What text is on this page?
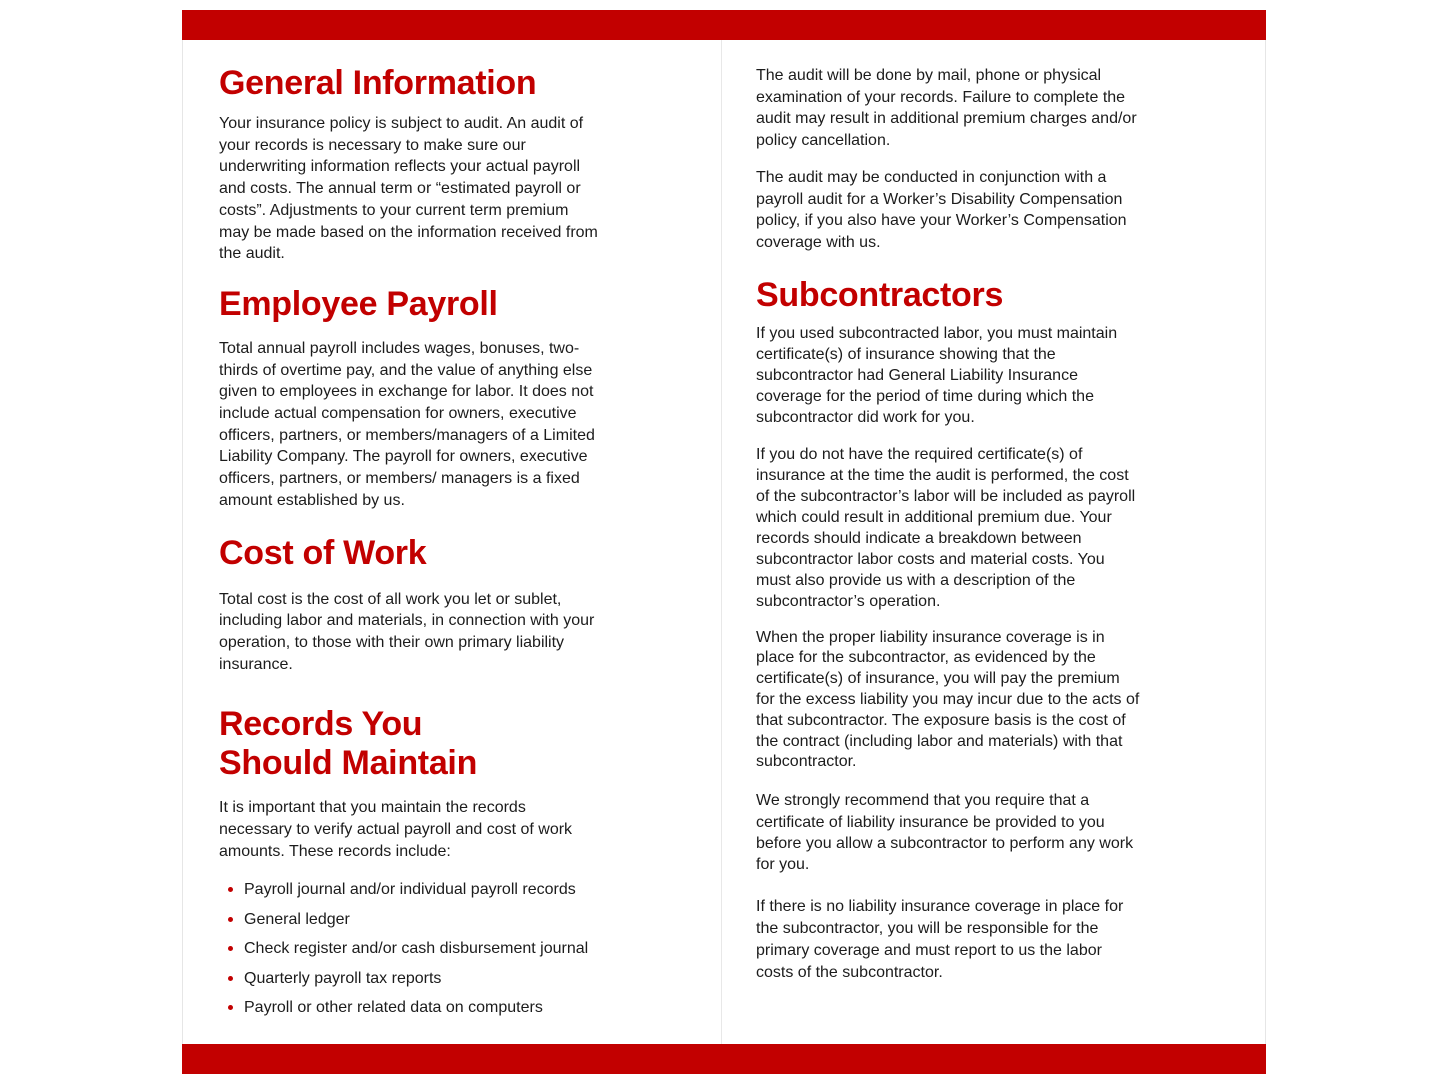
General Information

Your insurance policy is subject to audit. An audit of your records is necessary to make sure our underwriting information reflects your actual payroll and costs. The annual term or “estimated payroll or costs”. Adjustments to your current term premium may be made based on the information received from the audit.

Employee Payroll

Total annual payroll includes wages, bonuses, two-thirds of overtime pay, and the value of anything else given to employees in exchange for labor. It does not include actual compensation for owners, executive officers, partners, or members/managers of a Limited Liability Company. The payroll for owners, executive officers, partners, or members/ managers is a fixed amount established by us.

Cost of Work

Total cost is the cost of all work you let or sublet, including labor and materials, in connection with your operation, to those with their own primary liability insurance.

Records You
Should Maintain

It is important that you maintain the records necessary to verify actual payroll and cost of work amounts. These records include:

Payroll journal and/or individual payroll records
General ledger
Check register and/or cash disbursement journal
Quarterly payroll tax reports
Payroll or other related data on computers

The audit will be done by mail, phone or physical examination of your records. Failure to complete the audit may result in additional premium charges and/or policy cancellation.

The audit may be conducted in conjunction with a payroll audit for a Worker’s Disability Compensation policy, if you also have your Worker’s Compensation coverage with us.

Subcontractors

If you used subcontracted labor, you must maintain certificate(s) of insurance showing that the subcontractor had General Liability Insurance coverage for the period of time during which the subcontractor did work for you.

If you do not have the required certificate(s) of insurance at the time the audit is performed, the cost of the subcontractor’s labor will be included as payroll which could result in additional premium due. Your records should indicate a breakdown between subcontractor labor costs and material costs. You must also provide us with a description of the subcontractor’s operation.

When the proper liability insurance coverage is in place for the subcontractor, as evidenced by the certificate(s) of insurance, you will pay the premium for the excess liability you may incur due to the acts of that subcontractor. The exposure basis is the cost of the contract (including labor and materials) with that subcontractor.

We strongly recommend that you require that a certificate of liability insurance be provided to you before you allow a subcontractor to perform any work for you.

If there is no liability insurance coverage in place for the subcontractor, you will be responsible for the primary coverage and must report to us the labor costs of the subcontractor.
